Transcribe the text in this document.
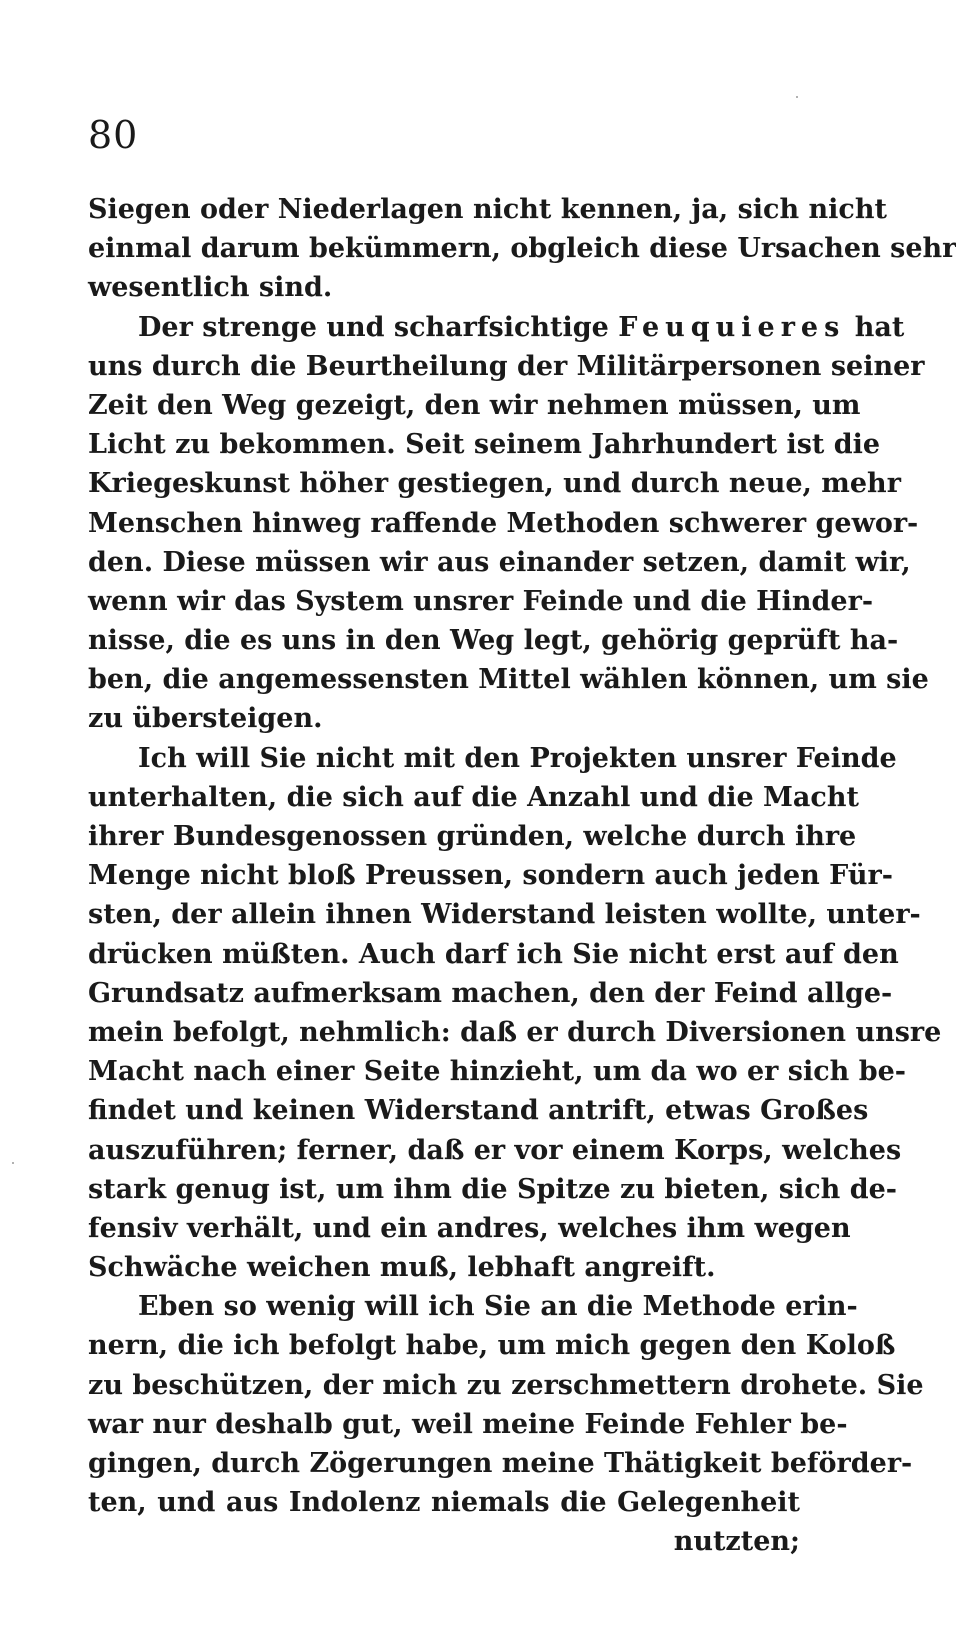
80
Siegen oder Niederlagen nicht kennen, ja, sich nicht
einmal darum bekümmern, obgleich diese Ursachen sehr
wesentlich sind.
Der strenge und scharfsichtige Feuquieres hat
uns durch die Beurtheilung der Militärpersonen seiner
Zeit den Weg gezeigt, den wir nehmen müssen, um
Licht zu bekommen. Seit seinem Jahrhundert ist die
Kriegeskunst höher gestiegen, und durch neue, mehr
Menschen hinweg raffende Methoden schwerer gewor-
den. Diese müssen wir aus einander setzen, damit wir,
wenn wir das System unsrer Feinde und die Hinder-
nisse, die es uns in den Weg legt, gehörig geprüft ha-
ben, die angemessensten Mittel wählen können, um sie
zu übersteigen.
Ich will Sie nicht mit den Projekten unsrer Feinde
unterhalten, die sich auf die Anzahl und die Macht
ihrer Bundesgenossen gründen, welche durch ihre
Menge nicht bloß Preussen, sondern auch jeden Für-
sten, der allein ihnen Widerstand leisten wollte, unter-
drücken müßten. Auch darf ich Sie nicht erst auf den
Grundsatz aufmerksam machen, den der Feind allge-
mein befolgt, nehmlich: daß er durch Diversionen unsre
Macht nach einer Seite hinzieht, um da wo er sich be-
findet und keinen Widerstand antrift, etwas Großes
auszuführen; ferner, daß er vor einem Korps, welches
stark genug ist, um ihm die Spitze zu bieten, sich de-
fensiv verhält, und ein andres, welches ihm wegen
Schwäche weichen muß, lebhaft angreift.
Eben so wenig will ich Sie an die Methode erin-
nern, die ich befolgt habe, um mich gegen den Koloß
zu beschützen, der mich zu zerschmettern drohete. Sie
war nur deshalb gut, weil meine Feinde Fehler be-
gingen, durch Zögerungen meine Thätigkeit beförder-
ten, und aus Indolenz niemals die Gelegenheit
nutzten;
